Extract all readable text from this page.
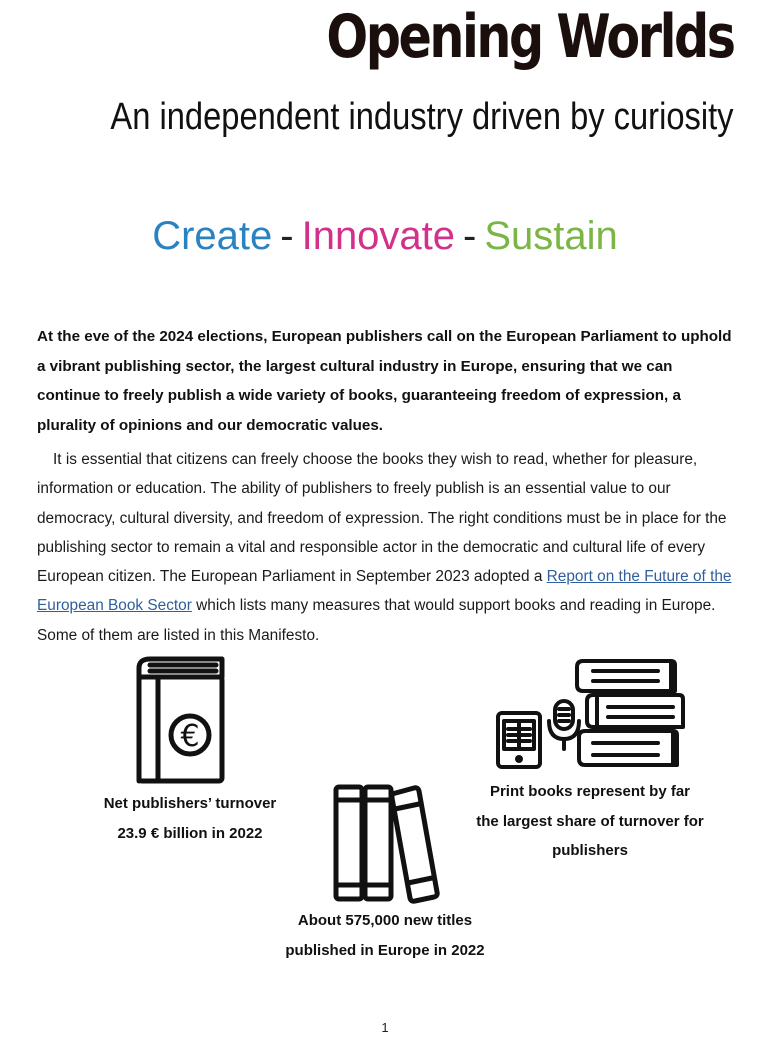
Opening Worlds
An independent industry driven by curiosity
Create - Innovate - Sustain

At the eve of the 2024 elections, European publishers call on the European Parliament to uphold a vibrant publishing sector, the largest cultural industry in Europe, ensuring that we can continue to freely publish a wide variety of books, guaranteeing freedom of expression, a plurality of opinions and our democratic values.

It is essential that citizens can freely choose the books they wish to read, whether for pleasure, information or education. The ability of publishers to freely publish is an essential value to our democracy, cultural diversity, and freedom of expression. The right conditions must be in place for the publishing sector to remain a vital and responsible actor in the democratic and cultural life of every European citizen. The European Parliament in September 2023 adopted a Report on the Future of the European Book Sector which lists many measures that would support books and reading in Europe. Some of them are listed in this Manifesto.

€
Net publishers’ turnover
23.9 € billion in 2022
About 575,000 new titles
published in Europe in 2022
Print books represent by far
the largest share of turnover for
publishers
1
